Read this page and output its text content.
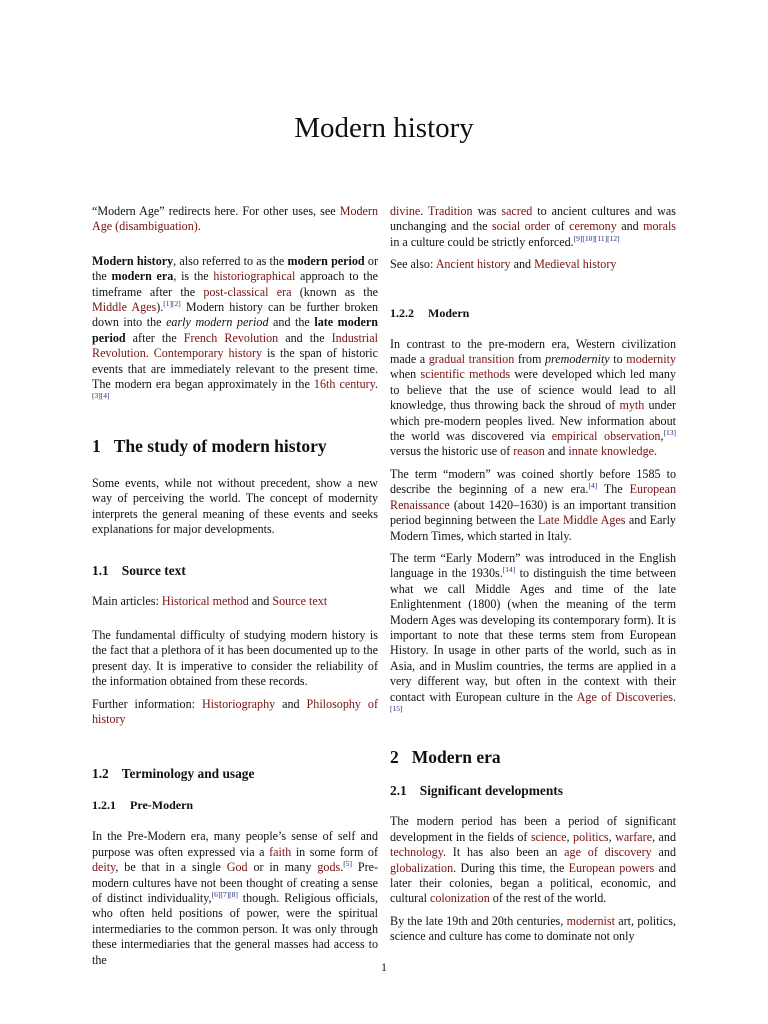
Modern history

“Modern Age” redirects here. For other uses, see Modern Age (disambiguation).

Modern history, also referred to as the modern period or the modern era, is the historiographical approach to the timeframe after the post-classical era (known as the Middle Ages).[1][2] Modern history can be further broken down into the early modern period and the late modern period after the French Revolution and the Industrial Revolution. Contemporary history is the span of historic events that are immediately relevant to the present time. The modern era began approximately in the 16th century.[3][4]

1 The study of modern history

Some events, while not without precedent, show a new way of perceiving the world. The concept of modernity interprets the general meaning of these events and seeks explanations for major developments.

1.1 Source text

Main articles: Historical method and Source text

The fundamental difficulty of studying modern history is the fact that a plethora of it has been documented up to the present day. It is imperative to consider the reliability of the information obtained from these records.

Further information: Historiography and Philosophy of history

1.2 Terminology and usage
1.2.1 Pre-Modern

In the Pre-Modern era, many people’s sense of self and purpose was often expressed via a faith in some form of deity, be that in a single God or in many gods.[5] Pre-modern cultures have not been thought of creating a sense of distinct individuality,[6][7][8] though. Religious officials, who often held positions of power, were the spiritual intermediaries to the common person. It was only through these intermediaries that the general masses had access to the

divine. Tradition was sacred to ancient cultures and was unchanging and the social order of ceremony and morals in a culture could be strictly enforced.[9][10][11][12]

See also: Ancient history and Medieval history

1.2.2 Modern

In contrast to the pre-modern era, Western civilization made a gradual transition from premodernity to modernity when scientific methods were developed which led many to believe that the use of science would lead to all knowledge, thus throwing back the shroud of myth under which pre-modern peoples lived. New information about the world was discovered via empirical observation,[13] versus the historic use of reason and innate knowledge.

The term “modern” was coined shortly before 1585 to describe the beginning of a new era.[4] The European Renaissance (about 1420–1630) is an important transition period beginning between the Late Middle Ages and Early Modern Times, which started in Italy.

The term “Early Modern” was introduced in the English language in the 1930s.[14] to distinguish the time between what we call Middle Ages and time of the late Enlightenment (1800) (when the meaning of the term Modern Ages was developing its contemporary form). It is important to note that these terms stem from European History. In usage in other parts of the world, such as in Asia, and in Muslim countries, the terms are applied in a very different way, but often in the context with their contact with European culture in the Age of Discoveries.[15]

2 Modern era
2.1 Significant developments

The modern period has been a period of significant development in the fields of science, politics, warfare, and technology. It has also been an age of discovery and globalization. During this time, the European powers and later their colonies, began a political, economic, and cultural colonization of the rest of the world.

By the late 19th and 20th centuries, modernist art, politics, science and culture has come to dominate not only

1
